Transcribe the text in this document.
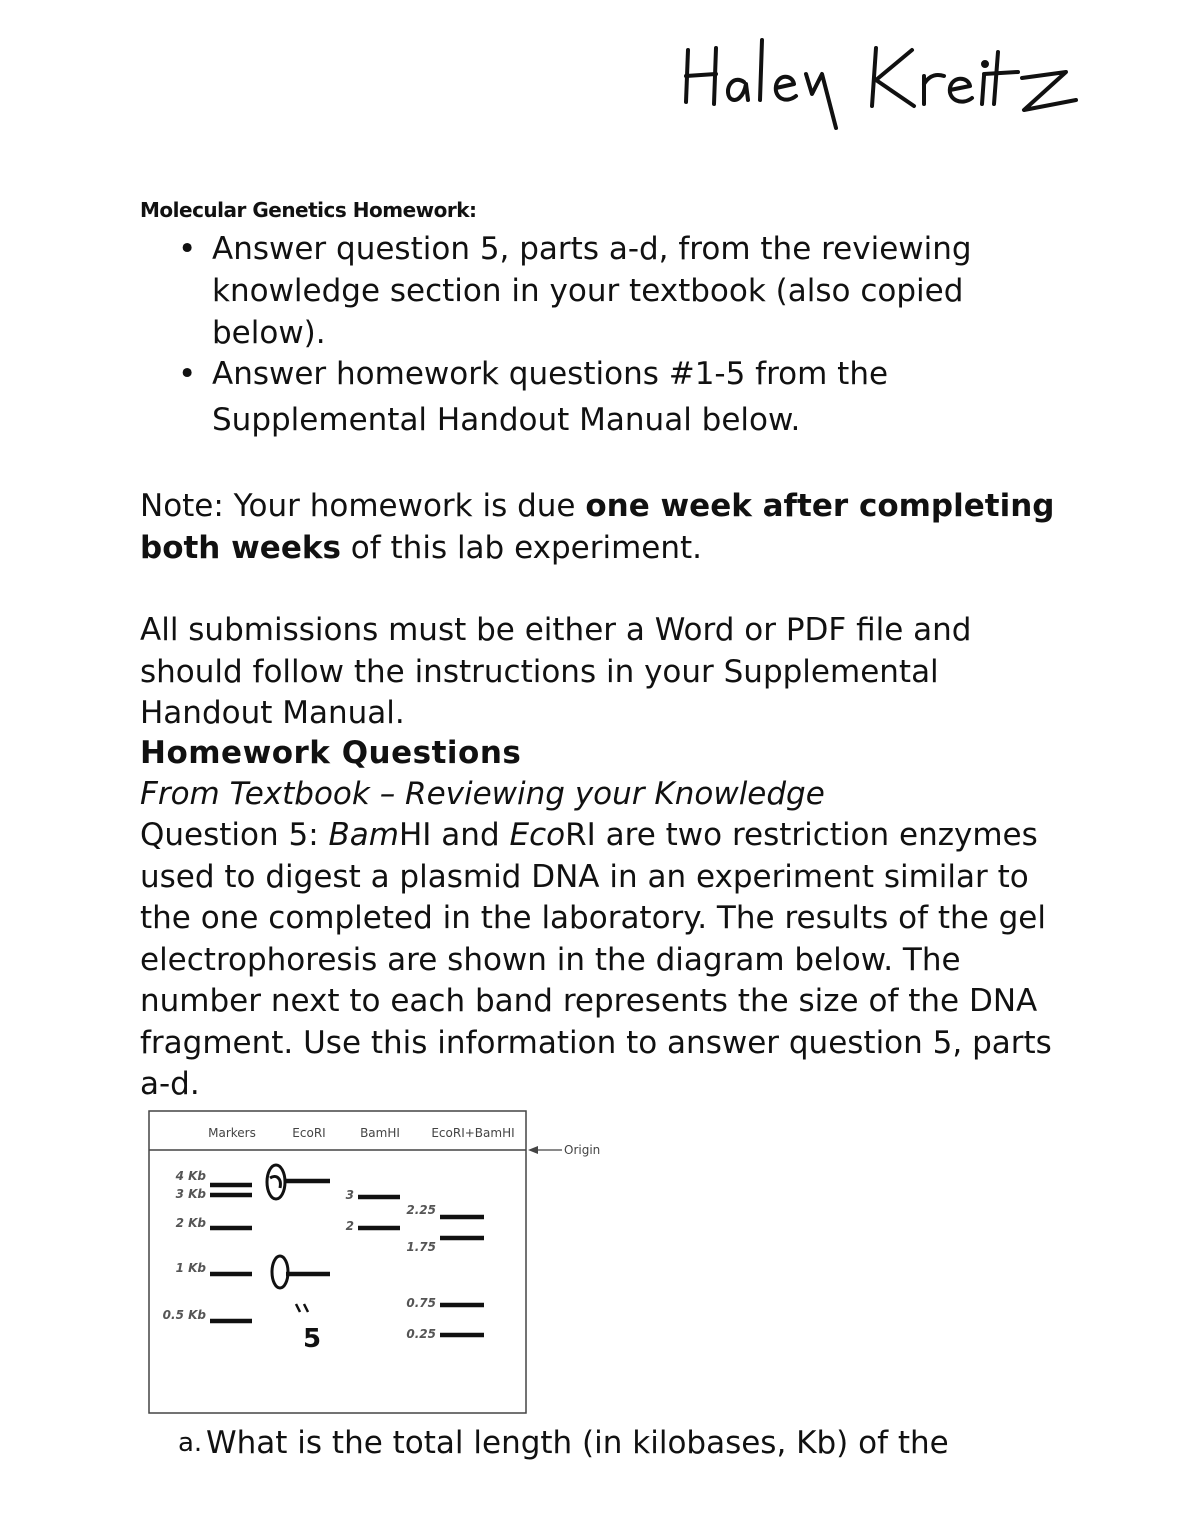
Molecular Genetics Homework:
• Answer question 5, parts a-d, from the reviewing
knowledge section in your textbook (also copied
below).
• Answer homework questions #1-5 from the
Supplemental Handout Manual below.

Note: Your homework is due one week after completing both weeks of this lab experiment.

All submissions must be either a Word or PDF file and should follow the instructions in your Supplemental Handout Manual.

Homework Questions

From Textbook – Reviewing your Knowledge

Question 5: BamHI and EcoRI are two restriction enzymes used to digest a plasmid DNA in an experiment similar to the one completed in the laboratory. The results of the gel electrophoresis are shown in the diagram below. The number next to each band represents the size of the DNA fragment. Use this information to answer question 5, parts a-d.

Markers	EcoRI	BamHI	EcoRI+BamHI
Origin
4 Kb
3 Kb
2 Kb
1 Kb
0.5 Kb
5
3
2
2.25
1.75
0.75
0.25

a. What is the total length (in kilobases, Kb) of the
